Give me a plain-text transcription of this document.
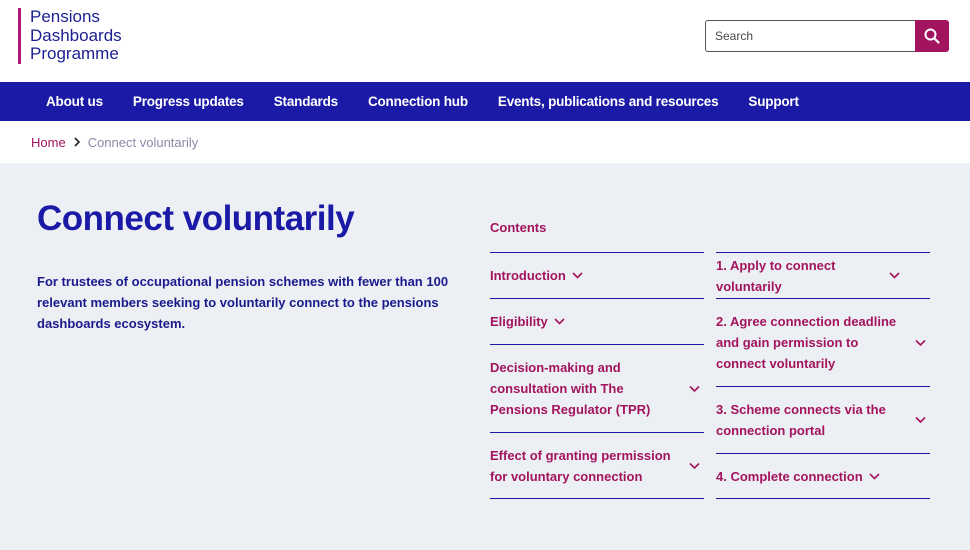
Pensions
Dashboards
Programme
Search
About us Progress updates Standards Connection hub Events, publications and resources Support
Home Connect voluntarily
Connect voluntarily

For trustees of occupational pension schemes with fewer than 100 relevant members seeking to voluntarily connect to the pensions dashboards ecosystem.

Contents
Introduction
Eligibility
Decision-making and consultation with The Pensions Regulator (TPR)
Effect of granting permission for voluntary connection
1. Apply to connect voluntarily
2. Agree connection deadline and gain permission to connect voluntarily
3. Scheme connects via the connection portal
4. Complete connection
